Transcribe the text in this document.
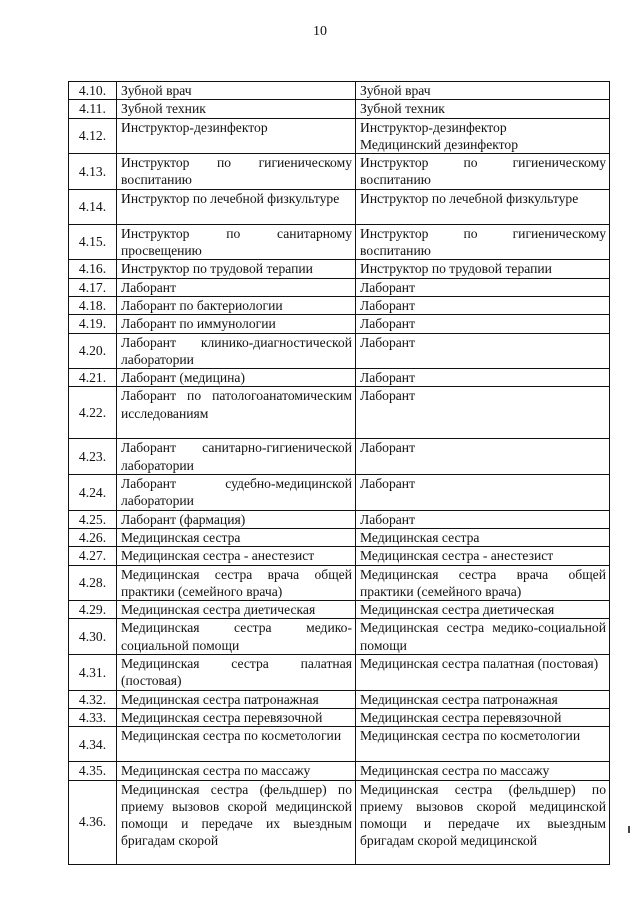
10
4.10.	Зубной врач	Зубной врач
4.11.	Зубной техник	Зубной техник
4.12.	Инструктор-дезинфектор	Инструктор-дезинфектор
Медицинский дезинфектор
4.13.	Инструктор по гигиеническому воспитанию	Инструктор по гигиеническому воспитанию
4.14.	Инструктор по лечебной физкультуре	Инструктор по лечебной физкультуре
4.15.	Инструктор по санитарному просвещению	Инструктор по гигиеническому воспитанию
4.16.	Инструктор по трудовой терапии	Инструктор по трудовой терапии
4.17.	Лаборант	Лаборант
4.18.	Лаборант по бактериологии	Лаборант
4.19.	Лаборант по иммунологии	Лаборант
4.20.	Лаборант клинико-диагностической лаборатории	Лаборант
4.21.	Лаборант (медицина)	Лаборант
4.22.	Лаборант по патологоанатомическим исследованиям	Лаборант
4.23.	Лаборант санитарно-гигиенической лаборатории	Лаборант
4.24.	Лаборант судебно-медицинской лаборатории	Лаборант
4.25.	Лаборант (фармация)	Лаборант
4.26.	Медицинская сестра	Медицинская сестра
4.27.	Медицинская сестра - анестезист	Медицинская сестра - анестезист
4.28.	Медицинская сестра врача общей практики (семейного врача)	Медицинская сестра врача общей практики (семейного врача)
4.29.	Медицинская сестра диетическая	Медицинская сестра диетическая
4.30.	Медицинская сестра медико-социальной помощи	Медицинская сестра медико-социальной помощи
4.31.	Медицинская сестра палатная (постовая)	Медицинская сестра палатная (постовая)
4.32.	Медицинская сестра патронажная	Медицинская сестра патронажная
4.33.	Медицинская сестра перевязочной	Медицинская сестра перевязочной
4.34.	Медицинская сестра по косметологии	Медицинская сестра по косметологии
4.35.	Медицинская сестра по массажу	Медицинская сестра по массажу
4.36.	Медицинская сестра (фельдшер) по приему вызовов скорой медицинской помощи и передаче их выездным бригадам скорой	Медицинская сестра (фельдшер) по приему вызовов скорой медицинской помощи и передаче их выездным бригадам скорой медицинской
